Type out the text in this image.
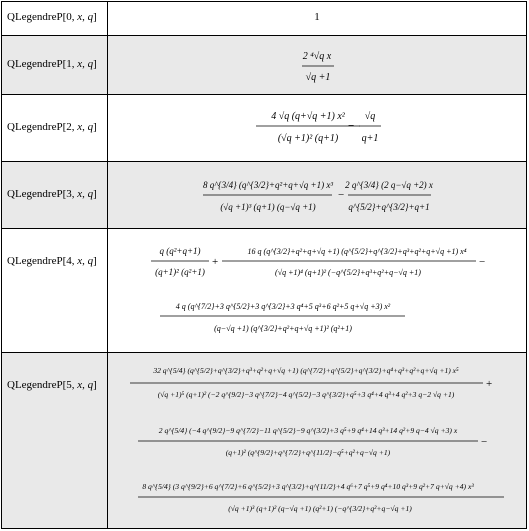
QLegendreP[0, x, q]	1
QLegendreP[1, x, q]
2 ⁴√q x
√q +1
QLegendreP[2, x, q]
4 √q (q+√q +1) x²
(√q +1)² (q+1)
−
√q
q+1
QLegendreP[3, x, q]
8 q^{3/4} (q^{3/2}+q²+q+√q +1) x³
(√q +1)³ (q+1) (q−√q +1)
−
2 q^{3/4} (2 q−√q +2) x
q^{5/2}+q^{3/2}+q+1
QLegendreP[4, x, q]
q (q²+q+1)
(q+1)² (q²+1)
+
16 q (q^{3/2}+q²+q+√q +1) (q^{5/2}+q^{3/2}+q³+q²+q+√q +1) x⁴
(√q +1)⁴ (q+1)² (−q^{5/2}+q³+q²+q−√q +1)
−
4 q (q^{7/2}+3 q^{5/2}+3 q^{3/2}+3 q⁴+5 q³+6 q²+5 q+√q +3) x²
(q−√q +1) (q^{3/2}+q²+q+√q +1)² (q²+1)
QLegendreP[5, x, q]
32 q^{5/4} (q^{5/2}+q^{3/2}+q³+q²+q+√q +1) (q^{7/2}+q^{5/2}+q^{3/2}+q⁴+q³+q²+q+√q +1) x⁵
(√q +1)⁵ (q+1)² (−2 q^{9/2}−3 q^{7/2}−4 q^{5/2}−3 q^{3/2}+q⁵+3 q⁴+4 q³+4 q²+3 q−2 √q +1)
+
2 q^{5/4} (−4 q^{9/2}−9 q^{7/2}−11 q^{5/2}−9 q^{3/2}+3 q⁵+9 q⁴+14 q³+14 q²+9 q−4 √q +3) x
(q+1)² (q^{9/2}+q^{7/2}+q^{11/2}−q⁵+q²+q−√q +1)
−
8 q^{5/4} (3 q^{9/2}+6 q^{7/2}+6 q^{5/2}+3 q^{3/2}+q^{11/2}+4 q⁶+7 q⁵+9 q⁴+10 q³+9 q²+7 q+√q +4) x³
(√q +1)³ (q+1)² (q−√q +1) (q²+1) (−q^{3/2}+q²+q−√q +1)
